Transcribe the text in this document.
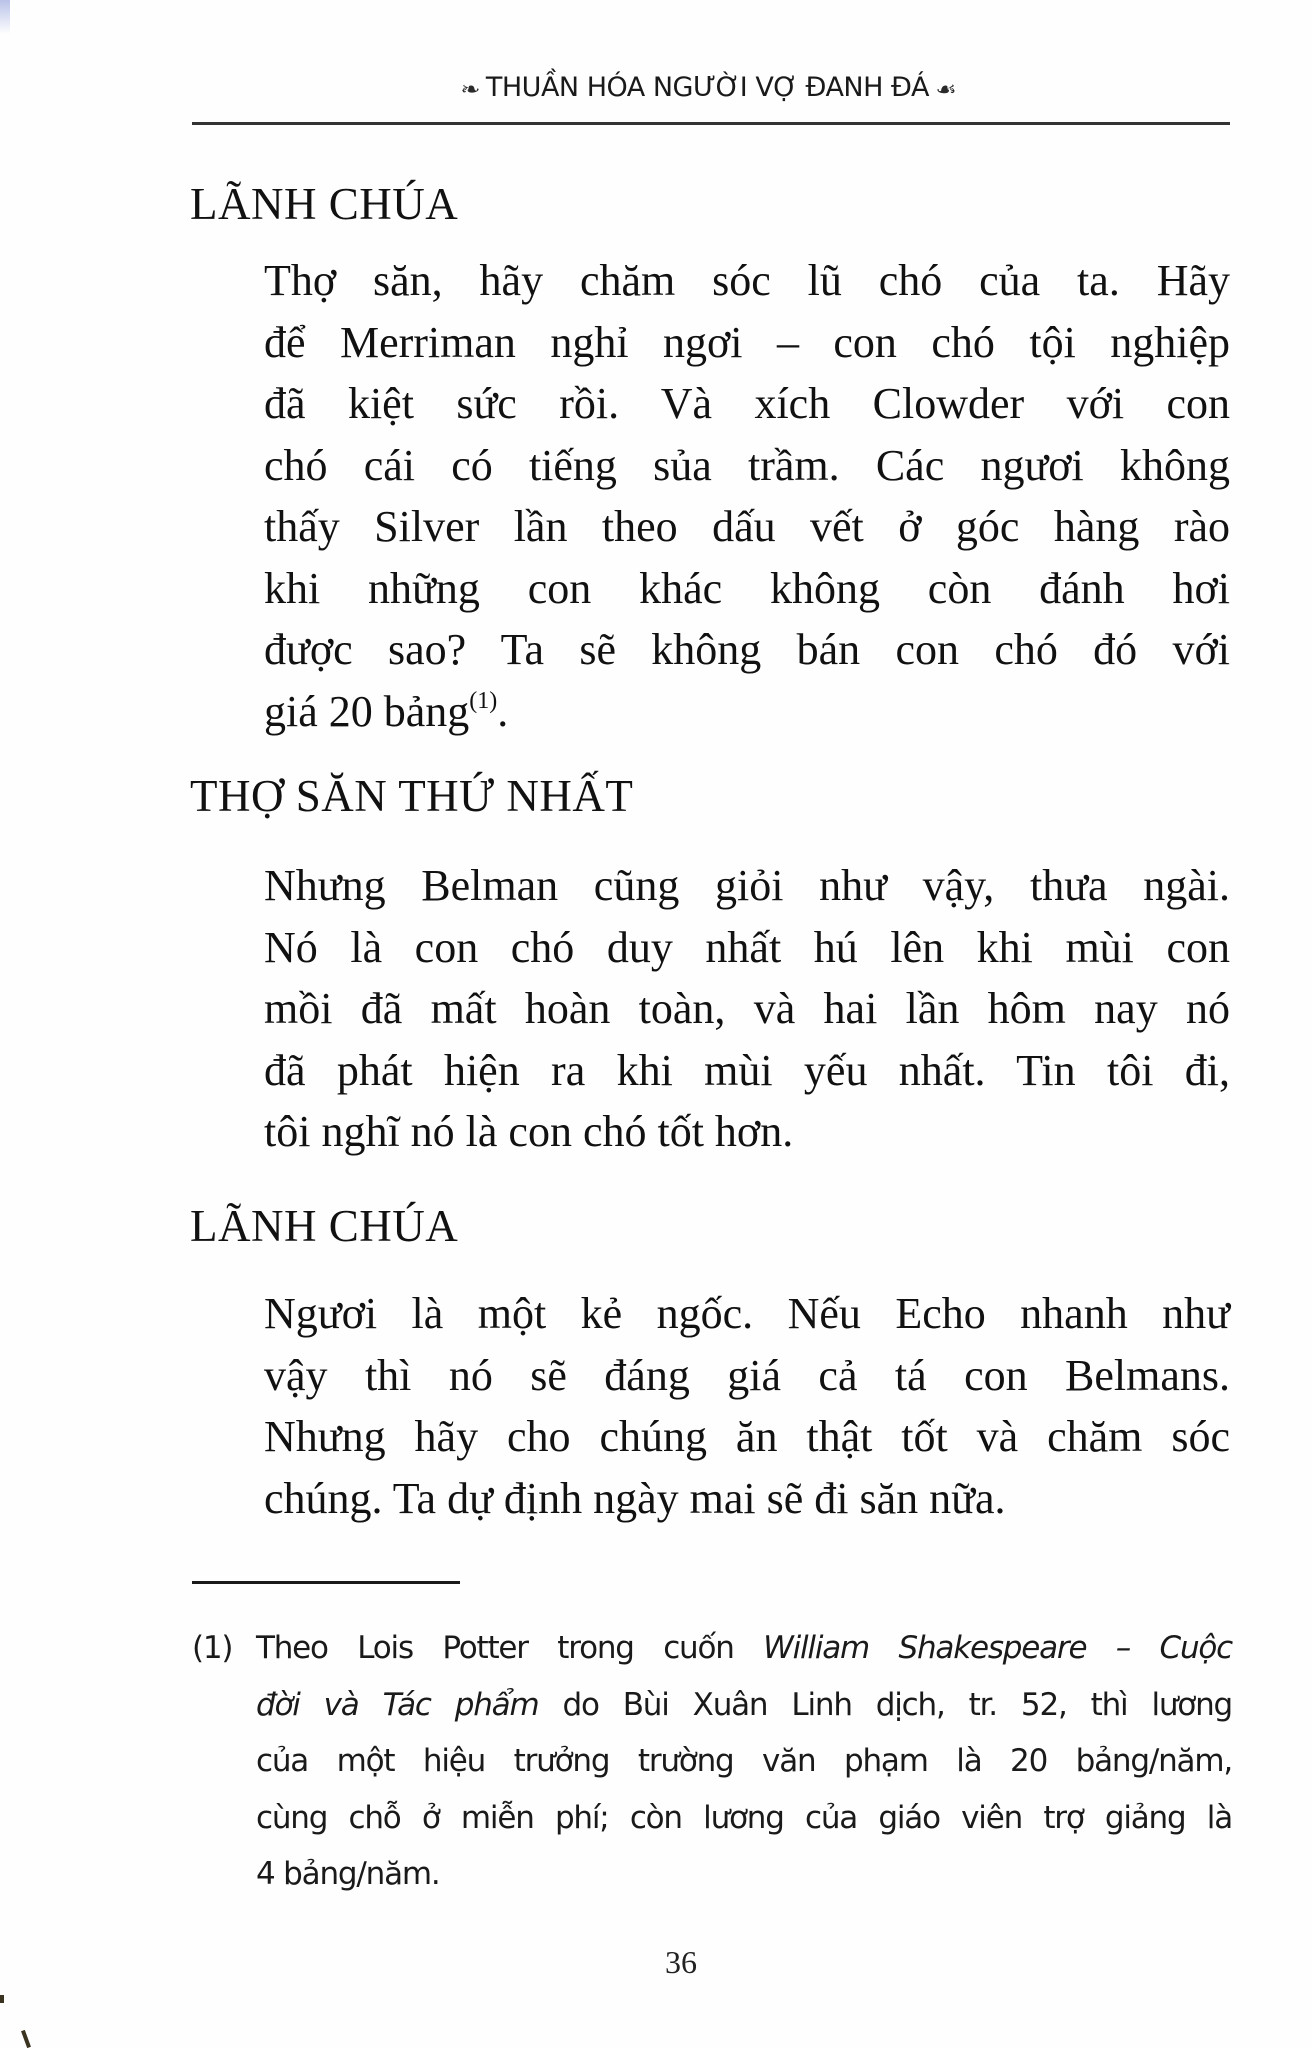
❧ THUẦN HÓA NGƯỜI VỢ ĐANH ĐÁ ☙
LÃNH CHÚA
Thợ săn, hãy chăm sóc lũ chó của ta. Hãy
để Merriman nghỉ ngơi – con chó tội nghiệp
đã kiệt sức rồi. Và xích Clowder với con
chó cái có tiếng sủa trầm. Các ngươi không
thấy Silver lần theo dấu vết ở góc hàng rào
khi những con khác không còn đánh hơi
được sao? Ta sẽ không bán con chó đó với
giá 20 bảng$^{(1)}$.
THỢ SĂN THỨ NHẤT
Nhưng Belman cũng giỏi như vậy, thưa ngài.
Nó là con chó duy nhất hú lên khi mùi con
mồi đã mất hoàn toàn, và hai lần hôm nay nó
đã phát hiện ra khi mùi yếu nhất. Tin tôi đi,
tôi nghĩ nó là con chó tốt hơn.
LÃNH CHÚA
Ngươi là một kẻ ngốc. Nếu Echo nhanh như
vậy thì nó sẽ đáng giá cả tá con Belmans.
Nhưng hãy cho chúng ăn thật tốt và chăm sóc
chúng. Ta dự định ngày mai sẽ đi săn nữa.
(1) Theo Lois Potter trong cuốn William Shakespeare – Cuộc
đời và Tác phẩm do Bùi Xuân Linh dịch, tr. 52, thì lương
của một hiệu trưởng trường văn phạm là 20 bảng/năm,
cùng chỗ ở miễn phí; còn lương của giáo viên trợ giảng là
4 bảng/năm.
36
